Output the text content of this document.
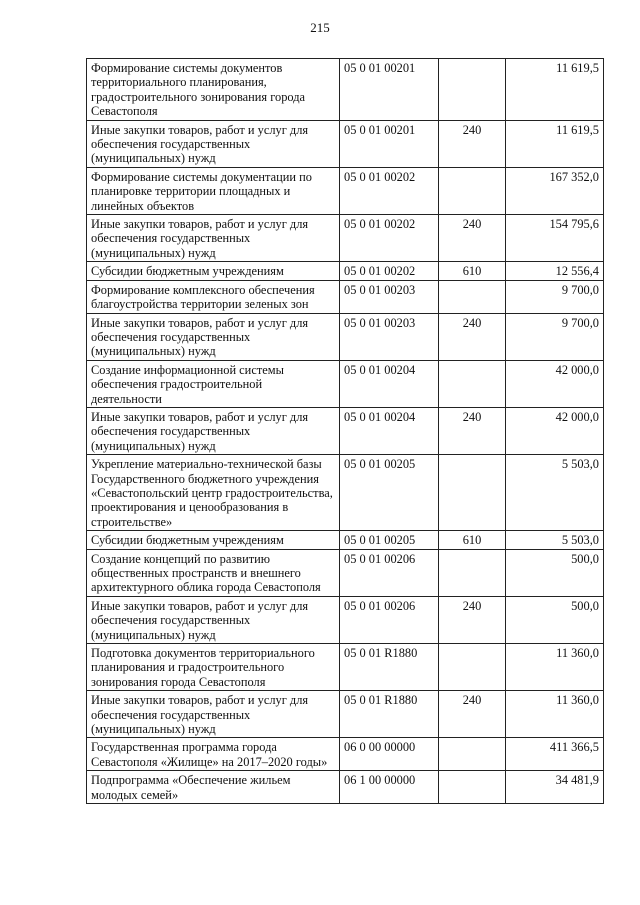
215
Формирование системы документов территориального планирования, градостроительного зонирования города Севастополя	05 0 01 00201		11 619,5
Иные закупки товаров, работ и услуг для обеспечения государственных (муниципальных) нужд	05 0 01 00201	240	11 619,5
Формирование системы документации по планировке территории площадных и линейных объектов	05 0 01 00202		167 352,0
Иные закупки товаров, работ и услуг для обеспечения государственных (муниципальных) нужд	05 0 01 00202	240	154 795,6
Субсидии бюджетным учреждениям	05 0 01 00202	610	12 556,4
Формирование комплексного обеспечения благоустройства территории зеленых зон	05 0 01 00203		9 700,0
Иные закупки товаров, работ и услуг для обеспечения государственных (муниципальных) нужд	05 0 01 00203	240	9 700,0
Создание информационной системы обеспечения градостроительной деятельности	05 0 01 00204		42 000,0
Иные закупки товаров, работ и услуг для обеспечения государственных (муниципальных) нужд	05 0 01 00204	240	42 000,0
Укрепление материально-технической базы Государственного бюджетного учреждения «Севастопольский центр градостроительства, проектирования и ценообразования в строительстве»	05 0 01 00205		5 503,0
Субсидии бюджетным учреждениям	05 0 01 00205	610	5 503,0
Создание концепций по развитию общественных пространств и внешнего архитектурного облика города Севастополя	05 0 01 00206		500,0
Иные закупки товаров, работ и услуг для обеспечения государственных (муниципальных) нужд	05 0 01 00206	240	500,0
Подготовка документов территориального планирования и градостроительного зонирования города Севастополя	05 0 01 R1880		11 360,0
Иные закупки товаров, работ и услуг для обеспечения государственных (муниципальных) нужд	05 0 01 R1880	240	11 360,0
Государственная программа города Севастополя «Жилище» на 2017–2020 годы»	06 0 00 00000		411 366,5
Подпрограмма «Обеспечение жильем молодых семей»	06 1 00 00000		34 481,9
